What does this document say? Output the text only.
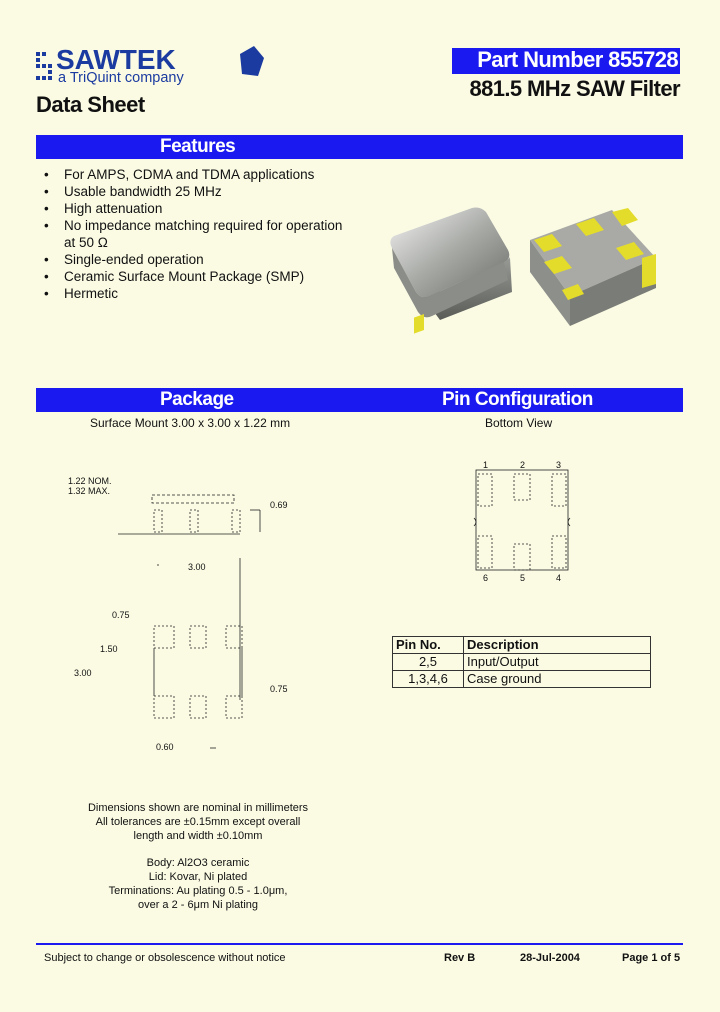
SAWTEK
a TriQuint company
Data Sheet
Part Number 855728
881.5 MHz SAW Filter
Features
• For AMPS, CDMA and TDMA applications
• Usable bandwidth 25 MHz
• High attenuation
• No impedance matching required for operation
at 50 Ω
• Single-ended operation
• Ceramic Surface Mount Package (SMP)
• Hermetic
Package	Pin Configuration
Surface Mount 3.00 x 3.00 x 1.22 mm	Bottom View
1.22 NOM.
1.32 MAX.
0.69
3.00
0.75
1.50
3.00
0.75
0.60
Dimensions shown are nominal in millimeters
All tolerances are ±0.15mm except overall
length and width ±0.10mm
Body: Al2O3 ceramic
Lid: Kovar, Ni plated
Terminations: Au plating 0.5 - 1.0μm,
over a 2 - 6μm Ni plating
1	2	3
6	5	4
Pin No.	Description
2,5	Input/Output
1,3,4,6	Case ground
Subject to change or obsolescence without notice	Rev B	28-Jul-2004	Page 1 of 5
